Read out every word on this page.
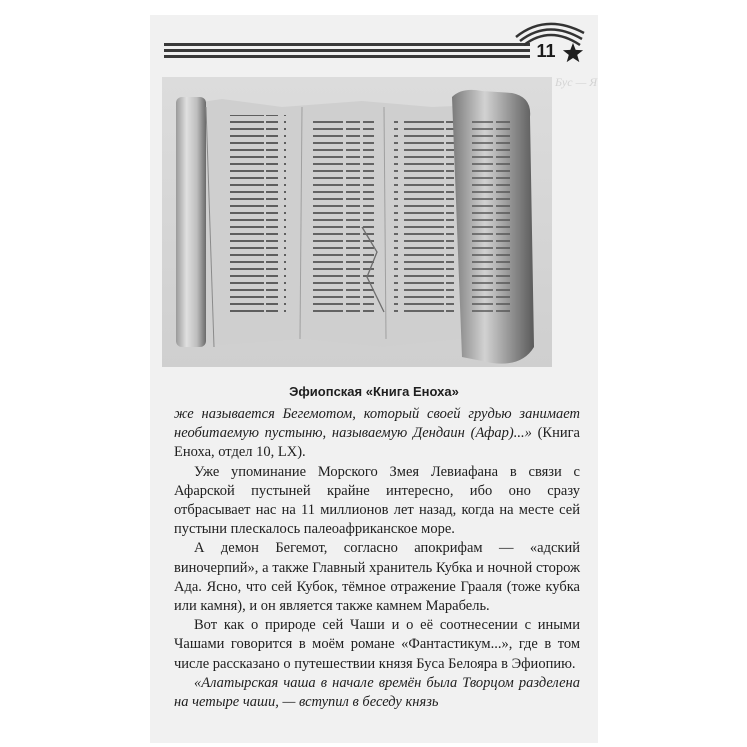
11
Бус — Я
Эфиопская «Книга Еноха»

же называется Бегемотом, который своей грудью занимает необитаемую пустыню, называемую Дендаин (Афар)...» (Книга Еноха, отдел 10, LX).

Уже упоминание Морского Змея Левиафана в связи с Афарской пустыней крайне интересно, ибо оно сразу отбрасывает нас на 11 миллионов лет назад, когда на месте сей пустыни плескалось палеоафриканское море.

А демон Бегемот, согласно апокрифам — «адский виночерпий», а также Главный хранитель Кубка и ночной сторож Ада. Ясно, что сей Кубок, тёмное отражение Грааля (тоже кубка или камня), и он является также камнем Марабель.

Вот как о природе сей Чаши и о её соотнесении с иными Чашами говорится в моём романе «Фантастикум...», где в том числе рассказано о путешествии князя Буса Белояра в Эфиопию.

«Алатырская чаша в начале времён была Творцом разделена на четыре чаши, — вступил в беседу князь
